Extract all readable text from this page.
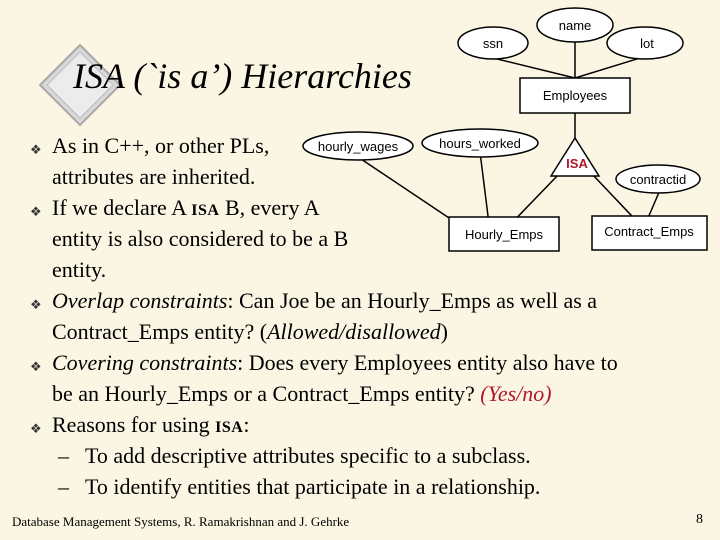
name
ssn	lot
hourly_wages	hours_worked
contractid
Employees
Hourly_Emps	Contract_Emps
ISA
ISA (`is a’) Hierarchies
❖ As in C++, or other PLs,
attributes are inherited.
❖ If we declare A ISA B, every A
entity is also considered to be a B
entity.
❖ Overlap constraints: Can Joe be an Hourly_Emps as well as a
Contract_Emps entity? (Allowed/disallowed)
❖ Covering constraints: Does every Employees entity also have to
be an Hourly_Emps or a Contract_Emps entity? (Yes/no)
❖ Reasons for using ISA:
– To add descriptive attributes specific to a subclass.
– To identify entities that participate in a relationship.
Database Management Systems, R. Ramakrishnan and J. Gehrke	8
